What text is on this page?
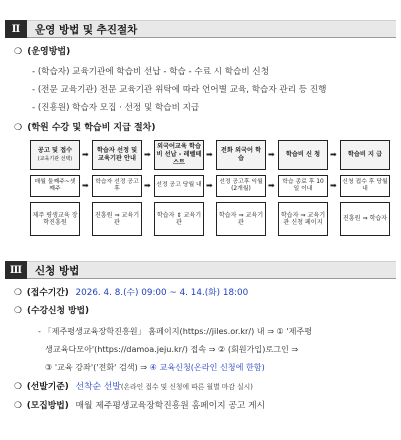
Ⅱ	운영 방법 및 추진절차
❍ (운영방법)
- (학습자) 교육기관에 학습비 선납 - 학습 - 수료 시 학습비 신청
- (전문 교육기관) 전문 교육기관 위탁에 따라 언어별 교육, 학습자 관리 등 진행
- (진흥원) 학습자 모집 · 선정 및 학습비 지급
❍ (학원 수강 및 학습비 지급 절차)
공고 및 접수
(교육기관 선택)
매월 둘째주~셋째주
제주 평생교육 장학진흥원
➡
➡
학습자 선정 및 교육기관 안내
학습자 선정 공고 후
진흥원 ⇒ 교육기관
➡
➡
외국어교육 학습비 선납 - 레벨테스트
선정 공고 당월 내
학습자 ⇕ 교육기관
➡
➡
전화 외국어 학습
선정 공고후 익월(2개월)
학습자 ⇒ 교육기관
➡
➡
학습비 신 청
학습 종료 후 10일 이내
학습자 ⇒ 교육기관 신청 페이지
➡
➡
학습비 지 급
신청 접수 후 당월 내
진흥원 ⇒ 학습자
Ⅲ	신청 방법
❍ (접수기간) 2026. 4. 8.(수) 09:00 ~ 4. 14.(화) 18:00
❍ (수강신청 방법)
- 「제주평생교육장학진흥원」 홈페이지(https://jiles.or.kr/) 내 ⇒ ① '제주평
생교육다모아'(https://damoa.jeju.kr/) 접속 ⇒ ② (회원가입)로그인 ⇒
③ '교육 강좌'('전화' 검색) ⇒ ④ 교육신청(온라인 신청에 한함)
❍ (선발기준) 선착순 선발(온라인 접수 및 신청에 따른 월별 마감 실시)
❍ (모집방법) 매월 제주평생교육장학진흥원 홈페이지 공고 게시
